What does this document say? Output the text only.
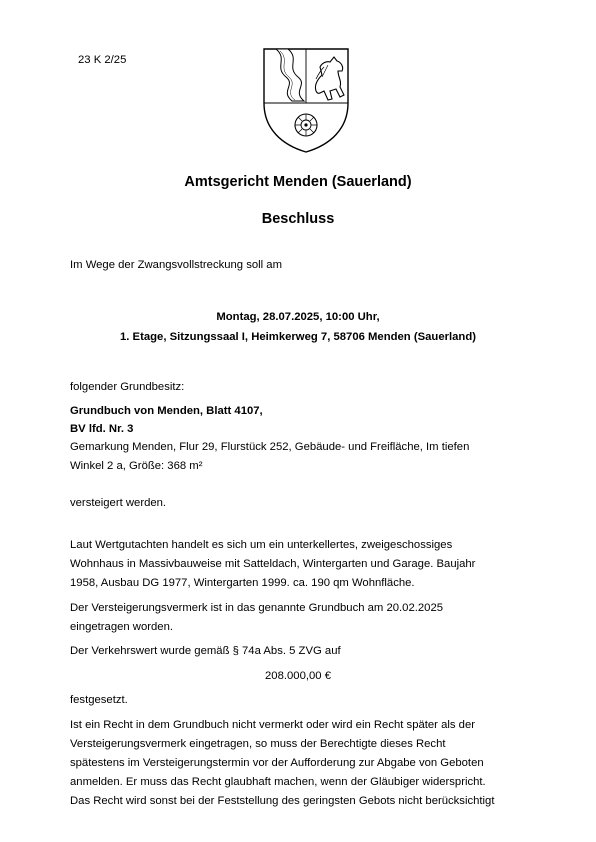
23 K 2/25
Amtsgericht Menden (Sauerland)
Beschluss
Im Wege der Zwangsvollstreckung soll am
Montag, 28.07.2025, 10:00 Uhr,
1. Etage, Sitzungssaal I, Heimkerweg 7, 58706 Menden (Sauerland)
folgender Grundbesitz:
Grundbuch von Menden, Blatt 4107,
BV lfd. Nr. 3
Gemarkung Menden, Flur 29, Flurstück 252, Gebäude- und Freifläche, Im tiefen
Winkel 2 a, Größe: 368 m²
versteigert werden.
Laut Wertgutachten handelt es sich um ein unterkellertes, zweigeschossiges
Wohnhaus in Massivbauweise mit Satteldach, Wintergarten und Garage. Baujahr
1958, Ausbau DG 1977, Wintergarten 1999. ca. 190 qm Wohnfläche.
Der Versteigerungsvermerk ist in das genannte Grundbuch am 20.02.2025
eingetragen worden.
Der Verkehrswert wurde gemäß § 74a Abs. 5 ZVG auf
208.000,00 €
festgesetzt.
Ist ein Recht in dem Grundbuch nicht vermerkt oder wird ein Recht später als der
Versteigerungsvermerk eingetragen, so muss der Berechtigte dieses Recht
spätestens im Versteigerungstermin vor der Aufforderung zur Abgabe von Geboten
anmelden. Er muss das Recht glaubhaft machen, wenn der Gläubiger widerspricht.
Das Recht wird sonst bei der Feststellung des geringsten Gebots nicht berücksichtigt
